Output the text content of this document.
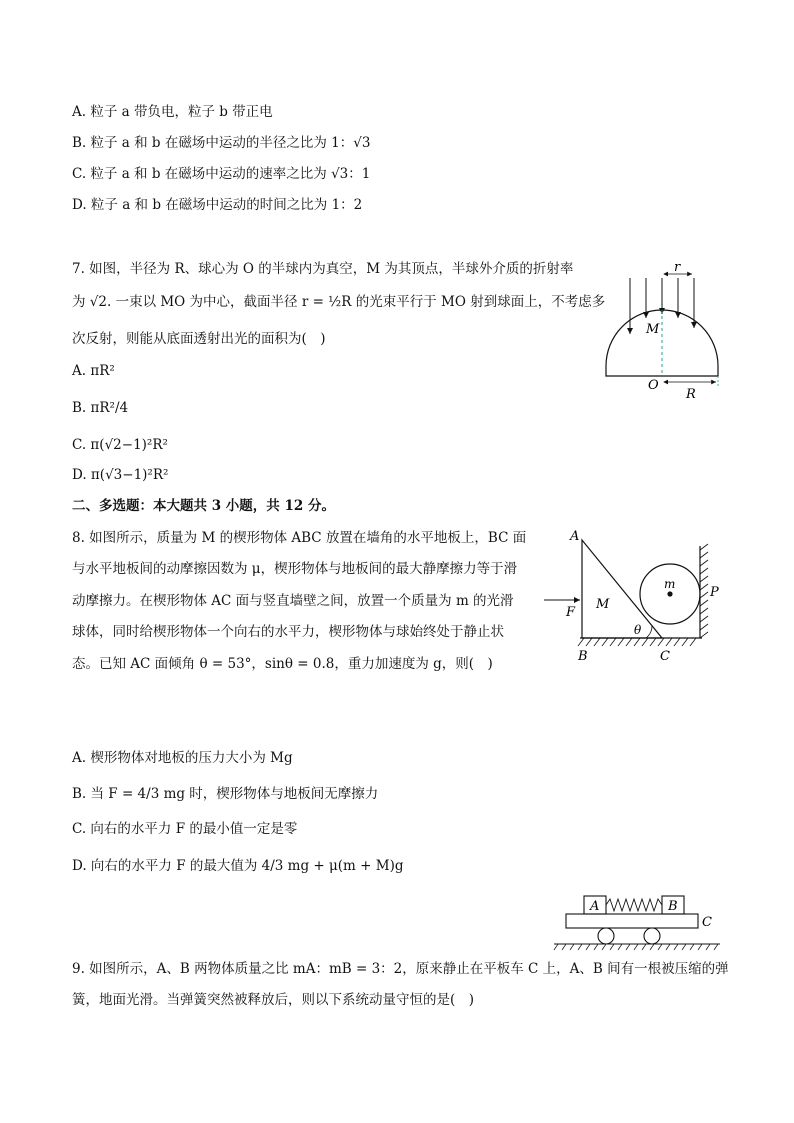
A. 粒子 a 带负电，粒子 b 带正电
B. 粒子 a 和 b 在磁场中运动的半径之比为 1：√3
C. 粒子 a 和 b 在磁场中运动的速率之比为 √3：1
D. 粒子 a 和 b 在磁场中运动的时间之比为 1：2
7. 如图，半径为 R、球心为 O 的半球内为真空，M 为其顶点，半球外介质的折射率
为 √2. 一束以 MO 为中心，截面半径 r = ½R 的光束平行于 MO 射到球面上，不考虑多
次反射，则能从底面透射出光的面积为(　)
A. πR²
B. πR²/4
C. π(√2−1)²R²
D. π(√3−1)²R²
r
M
O
R
二、多选题：本大题共 3 小题，共 12 分。
8. 如图所示，质量为 M 的楔形物体 ABC 放置在墙角的水平地板上，BC 面
与水平地板间的动摩擦因数为 μ，楔形物体与地板间的最大静摩擦力等于滑
动摩擦力。在楔形物体 AC 面与竖直墙壁之间，放置一个质量为 m 的光滑
球体，同时给楔形物体一个向右的水平力，楔形物体与球始终处于静止状
态。已知 AC 面倾角 θ = 53°，sinθ = 0.8，重力加速度为 g，则(　)
A
B	C
F
M
m
P
θ
A. 楔形物体对地板的压力大小为 Mg
B. 当 F = 4/3 mg 时，楔形物体与地板间无摩擦力
C. 向右的水平力 F 的最小值一定是零
D. 向右的水平力 F 的最大值为 4/3 mg + μ(m + M)g
A	B
C
9. 如图所示，A、B 两物体质量之比 mA：mB = 3：2，原来静止在平板车 C 上，A、B 间有一根被压缩的弹
簧，地面光滑。当弹簧突然被释放后，则以下系统动量守恒的是(　)
